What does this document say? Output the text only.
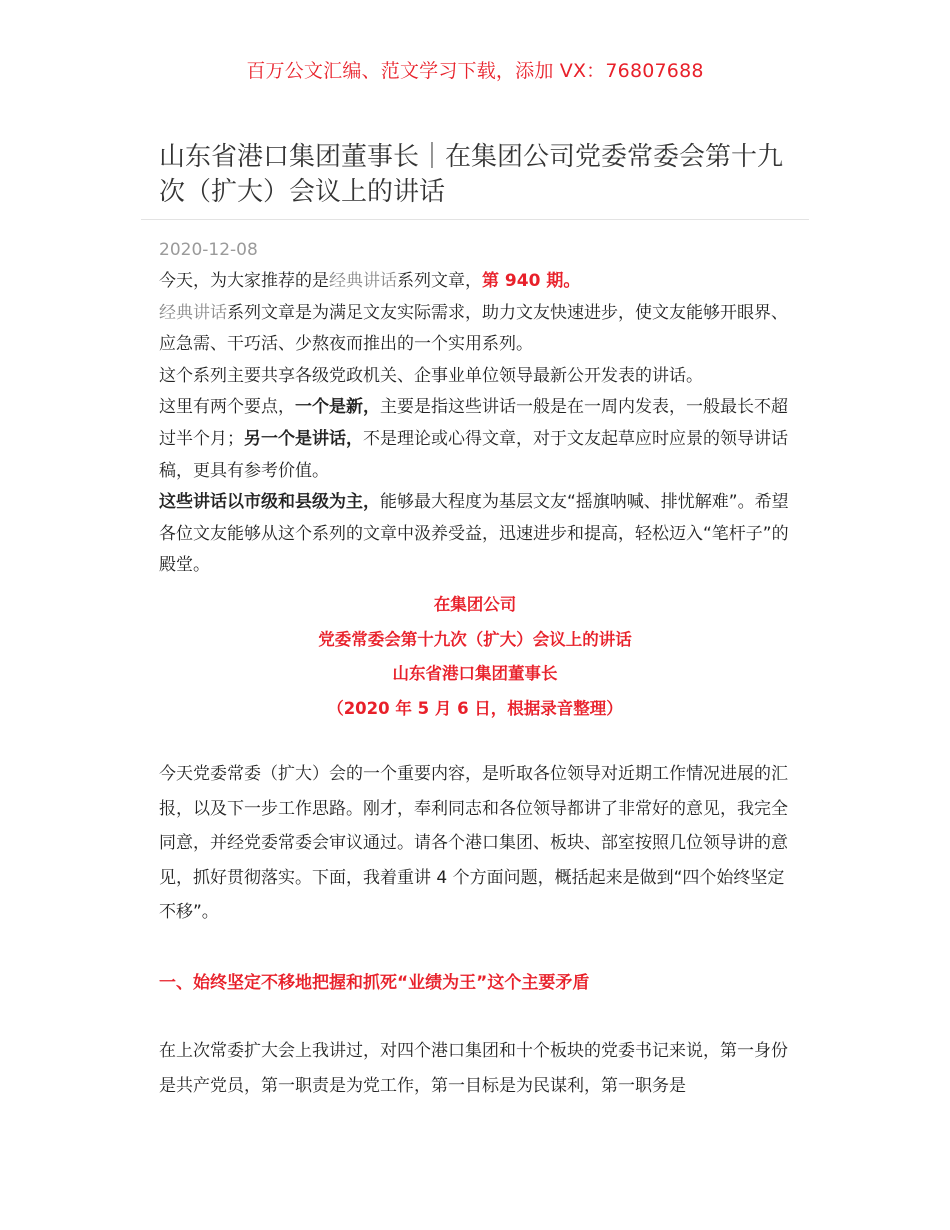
百万公文汇编、范文学习下载，添加 VX：76807688
山东省港口集团董事长｜在集团公司党委常委会第十九次（扩大）会议上的讲话
2020-12-08

今天，为大家推荐的是经典讲话系列文章，第 940 期。

经典讲话系列文章是为满足文友实际需求，助力文友快速进步，使文友能够开眼界、应急需、干巧活、少熬夜而推出的一个实用系列。

这个系列主要共享各级党政机关、企事业单位领导最新公开发表的讲话。

这里有两个要点，一个是新，主要是指这些讲话一般是在一周内发表，一般最长不超过半个月；另一个是讲话，不是理论或心得文章，对于文友起草应时应景的领导讲话稿，更具有参考价值。

这些讲话以市级和县级为主，能够最大程度为基层文友“摇旗呐喊、排忧解难”。希望各位文友能够从这个系列的文章中汲养受益，迅速进步和提高，轻松迈入“笔杆子”的殿堂。

在集团公司
党委常委会第十九次（扩大）会议上的讲话
山东省港口集团董事长
（2020 年 5 月 6 日，根据录音整理）

今天党委常委（扩大）会的一个重要内容，是听取各位领导对近期工作情况进展的汇报，以及下一步工作思路。刚才，奉利同志和各位领导都讲了非常好的意见，我完全同意，并经党委常委会审议通过。请各个港口集团、板块、部室按照几位领导讲的意见，抓好贯彻落实。下面，我着重讲 4 个方面问题，概括起来是做到“四个始终坚定不移”。

一、始终坚定不移地把握和抓死“业绩为王”这个主要矛盾

在上次常委扩大会上我讲过，对四个港口集团和十个板块的党委书记来说，第一身份是共产党员，第一职责是为党工作，第一目标是为民谋利，第一职务是
